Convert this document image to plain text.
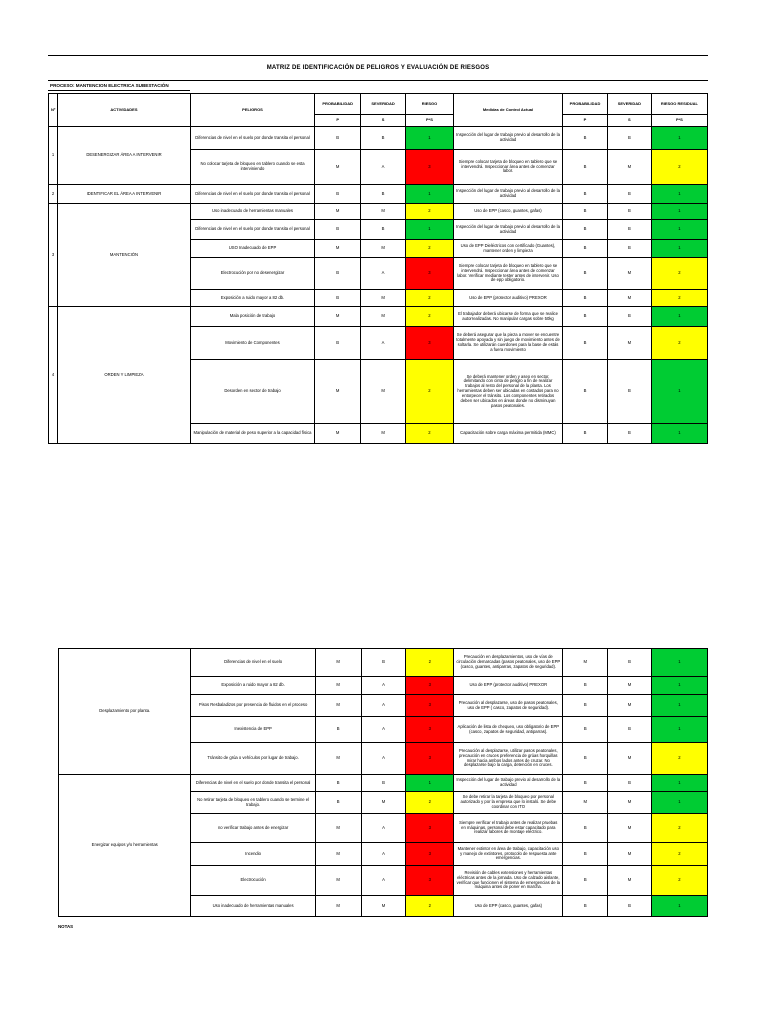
MATRIZ DE IDENTIFICACIÓN DE PELIGROS Y EVALUACIÓN DE RIESGOS
PROCESO: MANTENCION ELECTRICA SUBESTACIÓN
Nº	ACTIVIDADES	PELIGROS	PROBABILIDAD	SEVERIDAD	RIESGO	Medidas de Control Actual	PROBABILIDAD	SEVERIDAD	RIESGO RESIDUAL
			P	S	P*S		P	S	P*S
1	DESENERGIZAR ÁREA A INTERVENIR	Diferencias de nivel en el suelo por donde transita el personal	B	B	1	Inspección del lugar de trabajo previo al desarrollo de la actividad	B	B	1
		No colocar tarjeta de bloqueo en tablero cuando se esta interviniendo	M	A	3	Siempre colocar tarjeta de bloqueo en tablero que se intervendrá. Inspeccionar área antes de comenzar labor.	B	M	2
2	IDENTIFICAR EL ÁREA A INTERVENIR	Diferencias de nivel en el suelo por donde transita el personal	B	B	1	Inspección del lugar de trabajo previo al desarrollo de la actividad	B	B	1
3	MANTENCIÓN	Uso inadecuado de herramientas manuales	M	M	2	Uso de EPP (casco, guantes, gafas)	B	B	1
		Diferencias de nivel en el suelo por donde transita el personal	B	B	1	Inspección del lugar de trabajo previo al desarrollo de la actividad	B	B	1
		USO Inadecuado de EPP	M	M	2	Uso de EPP Dieléctricos con certificado (Guantes), mantener orden y limpieza	B	B	1
		Electrocución por no desenergizar	B	A	3	Siempre colocar tarjeta de bloqueo en tablero que se intervendrá. Inspeccionar área antes de comenzar labor. Verificar mediante tester antes de intervenir. Uso de epp obligatorio.	B	M	2
		Exposición a ruido mayor a 82 db.	B	M	2	Uso de EPP (protector auditivo) PREXOR	B	M	2
4	ORDEN Y LIMPIEZA	Mala posición de trabajo	M	M	2	El trabajador deberá ubicarse de forma que se realice autorrealizadas. No manipular cargas sobre 50kg	B	B	1
		Movimiento de Componentes	B	A	3	Se deberá asegurar que la pieza a mover se encuentre totalmente apoyada y sin juego de movimiento antes de soltarla. Se utilizarán cuerdones para la base de estás a fuera movimiento	B	M	2
		Desorden en sector de trabajo	M	M	2	Se deberá mantener orden y aseo en sector, delimitando con cinta de peligro a fin de realizar trabajos al resto del personal de la planta. Los herramientas deben ser ubicadas en costados para no entorpecer el tránsito. Los componentes retirados deben ser ubicados en áreas donde no disminuyan pasos peatonales.	B	B	1
		Manipulación de material de peso superior a la capacidad física	M	M	2	Capacitación sobre carga máxima permitida (MMC)	B	B	1
Desplazamiento por planta.	Diferencias de nivel en el suelo	M	B	2	Precaución en desplazamientos, uso de vías de circulación demarcadas (pasos peatonales, uso de EPP (casco, guantes, antiparras, zapatos de seguridad).	M	B	1
	Exposición a ruido mayor a 82 db.	M	A	3	Uso de EPP (protector auditivo) PREXOR	B	M	1
	Pisos Resbaladizos por presencia de fluidos en el proceso	M	A	3	Precaución al desplazarse, uso de pasos peatonales, uso de EPP ( casco, zapatos de seguridad).	B	M	1
	Inexistencia de EPP	B	A	3	Aplicación de lista de chequeo, uso obligatorio de EPP (casco, zapatos de seguridad, antiparras).	B	B	1
	Tránsito de grúa o vehículos por lugar de trabajo.	M	A	3	Precaución al desplazarse, utilizar pasos peatonales, precaución en cruces preferencia de grúas horquillas mirar hacia ambos lados antes de cruzar. No desplazarse bajo la carga, detención en cruces.	B	M	2
Energizar equipos y/o herramientas	Diferencias de nivel en el suelo por donde transita el personal	B	B	1	Inspección del lugar de trabajo previo al desarrollo de la actividad	B	B	1
	No retirar tarjeta de bloqueo en tablero cuando se termine el trabajo.	B	M	2	Se debe retirar la tarjeta de bloqueo por personal autorizado y por la empresa que lo instaló. Se debe coordinar con ITO	M	M	1
	no verificar trabajo antes de energizar	M	A	3	Siempre verificar el trabajo antes de realizar pruebas en máquinas, personal debe estar capacitado para realizar labores de montaje eléctrico.	B	M	2
	Incendio	M	A	3	Mantener extintor en área de trabajo, capacitación uso y manejo de extintores, protocolo de respuesta ante emergencias.	B	M	2
	Electrocución	M	A	3	Revisión de cables extensiones y herramientas eléctricas antes de la jornada. Uso de calzado aislante, verificar que funcionen el sistema de emergencias de la máquina antes de poner en marcha.	B	M	2
	Uso inadecuado de herramientas manuales	M	M	2	Uso de EPP (casco, guantes, gafas)	B	B	1
NOTAS
